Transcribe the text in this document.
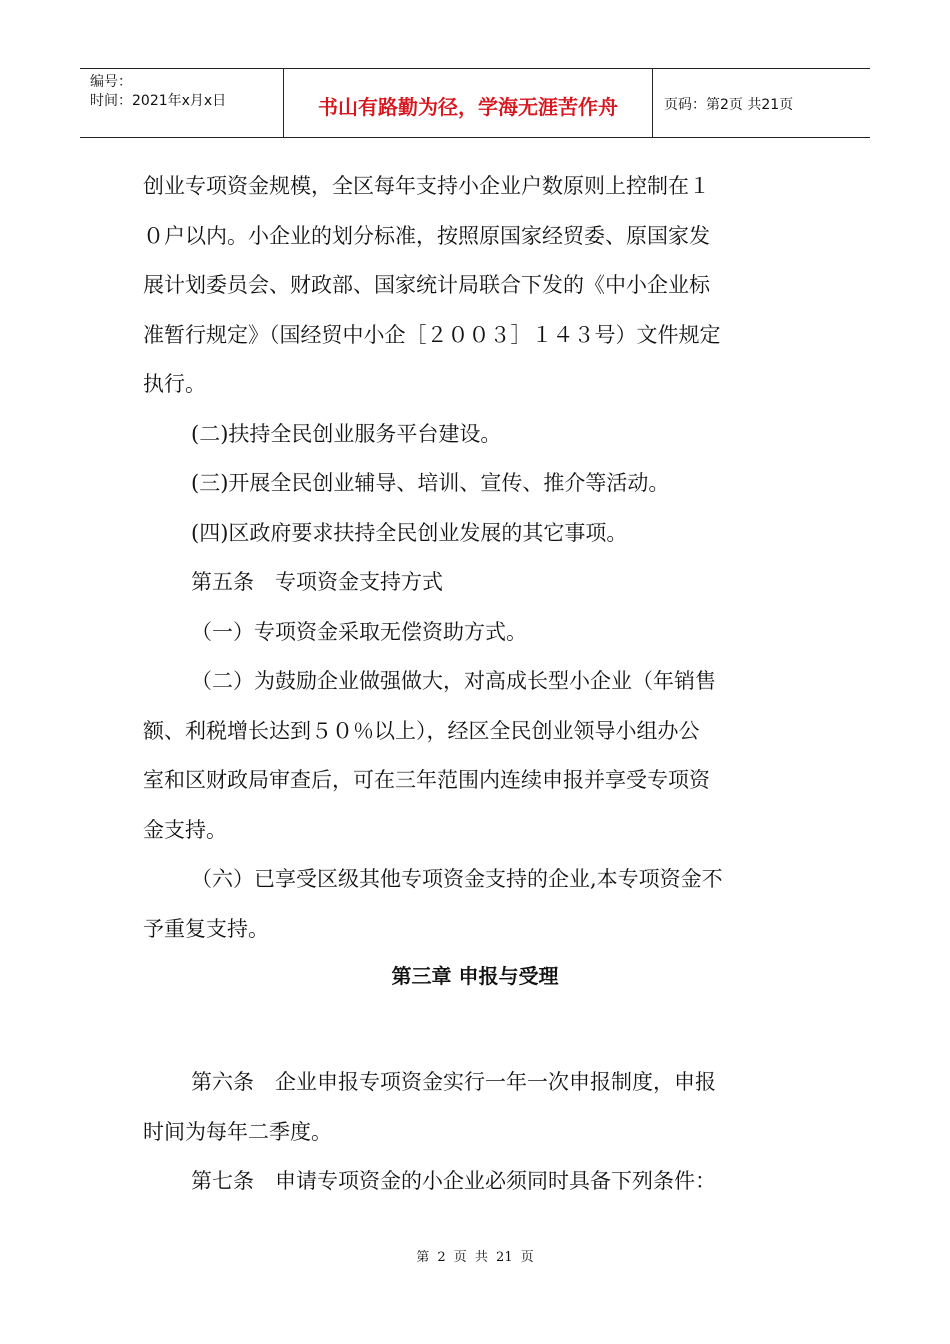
编号：
时间：2021年x月x日	书山有路勤为径，学海无涯苦作舟	页码：第2页 共21页

创业专项资金规模，全区每年支持小企业户数原则上控制在１

０户以内。小企业的划分标准，按照原国家经贸委、原国家发

展计划委员会、财政部、国家统计局联合下发的《中小企业标

准暂行规定》（国经贸中小企［２００３］１４３号）文件规定

执行。

(二)扶持全民创业服务平台建设。

(三)开展全民创业辅导、培训、宣传、推介等活动。

(四)区政府要求扶持全民创业发展的其它事项。

第五条　专项资金支持方式

（一）专项资金采取无偿资助方式。

（二）为鼓励企业做强做大，对高成长型小企业（年销售

额、利税增长达到５０％以上），经区全民创业领导小组办公

室和区财政局审查后，可在三年范围内连续申报并享受专项资

金支持。

（六）已享受区级其他专项资金支持的企业,本专项资金不

予重复支持。

第三章 申报与受理

第六条　企业申报专项资金实行一年一次申报制度，申报

时间为每年二季度。

第七条　申请专项资金的小企业必须同时具备下列条件：

第 2 页 共 21 页
